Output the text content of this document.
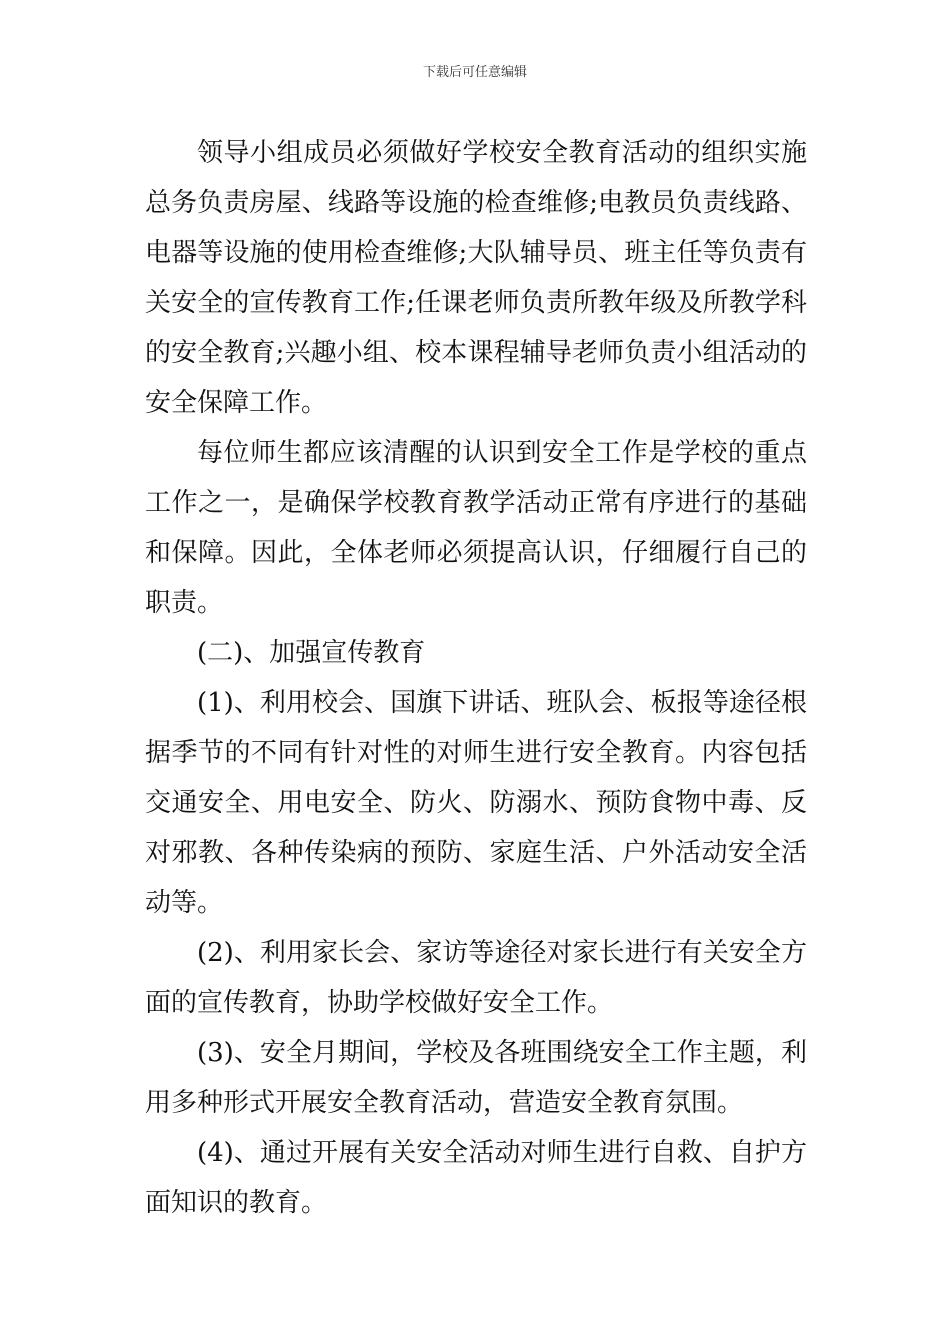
下载后可任意编辑

领导小组成员必须做好学校安全教育活动的组织实施总务负责房屋、线路等设施的检查维修;电教员负责线路、电器等设施的使用检查维修;大队辅导员、班主任等负责有关安全的宣传教育工作;任课老师负责所教年级及所教学科的安全教育;兴趣小组、校本课程辅导老师负责小组活动的安全保障工作。

每位师生都应该清醒的认识到安全工作是学校的重点工作之一，是确保学校教育教学活动正常有序进行的基础和保障。因此，全体老师必须提高认识，仔细履行自己的职责。

(二)、加强宣传教育

(1)、利用校会、国旗下讲话、班队会、板报等途径根据季节的不同有针对性的对师生进行安全教育。内容包括交通安全、用电安全、防火、防溺水、预防食物中毒、反对邪教、各种传染病的预防、家庭生活、户外活动安全活动等。

(2)、利用家长会、家访等途径对家长进行有关安全方面的宣传教育，协助学校做好安全工作。

(3)、安全月期间，学校及各班围绕安全工作主题，利用多种形式开展安全教育活动，营造安全教育氛围。

(4)、通过开展有关安全活动对师生进行自救、自护方面知识的教育。
